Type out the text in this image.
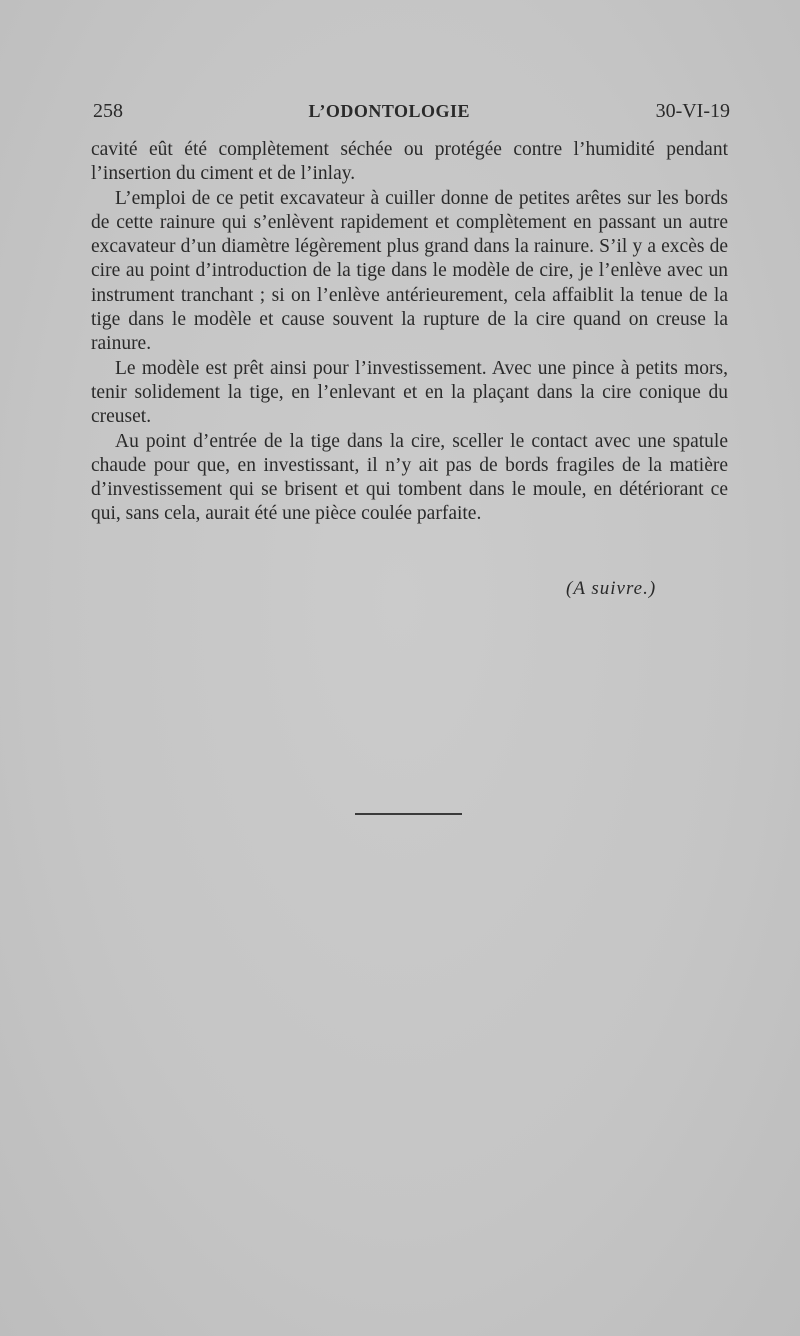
258	L’ODONTOLOGIE	30-VI-19

cavité eût été complètement séchée ou protégée contre l’humidité pendant l’insertion du ciment et de l’inlay.

L’emploi de ce petit excavateur à cuiller donne de petites arêtes sur les bords de cette rainure qui s’enlèvent rapidement et complètement en passant un autre excavateur d’un diamètre légèrement plus grand dans la rainure. S’il y a excès de cire au point d’introduction de la tige dans le modèle de cire, je l’enlève avec un instrument tranchant ; si on l’enlève antérieurement, cela affaiblit la tenue de la tige dans le modèle et cause souvent la rupture de la cire quand on creuse la rainure.

Le modèle est prêt ainsi pour l’investissement. Avec une pince à petits mors, tenir solidement la tige, en l’enlevant et en la plaçant dans la cire conique du creuset.

Au point d’entrée de la tige dans la cire, sceller le contact avec une spatule chaude pour que, en investissant, il n’y ait pas de bords fragiles de la matière d’investissement qui se brisent et qui tombent dans le moule, en détériorant ce qui, sans cela, aurait été une pièce coulée parfaite.

(A suivre.)
